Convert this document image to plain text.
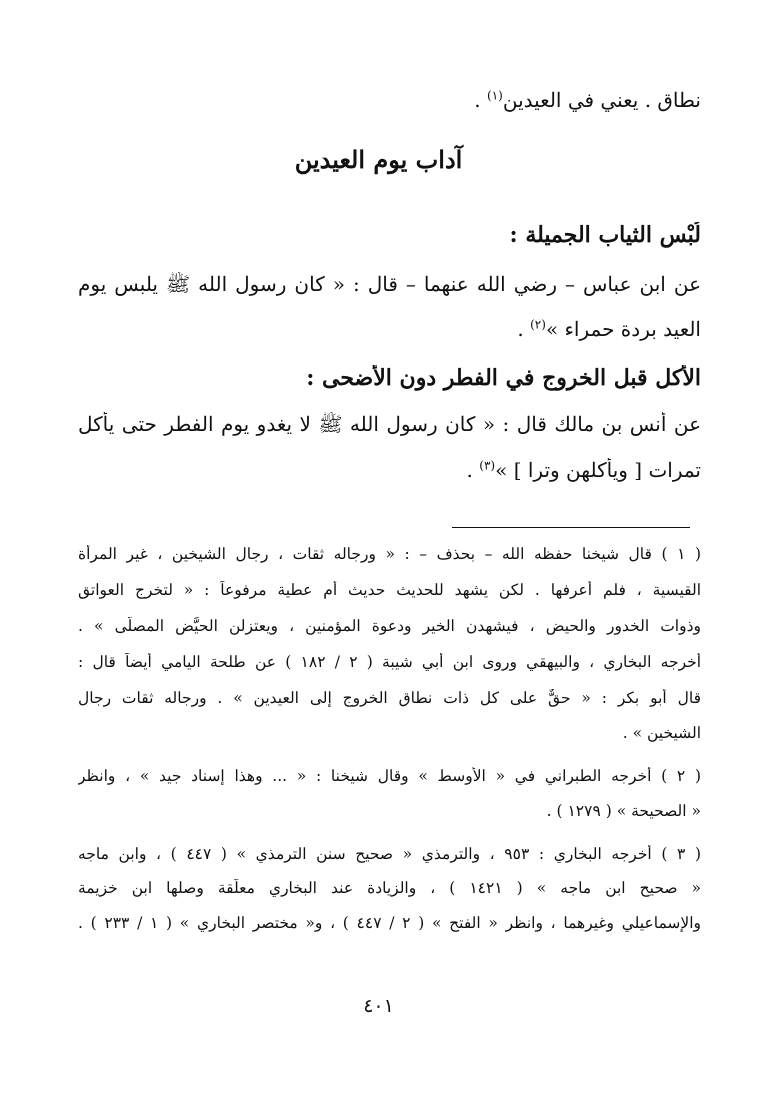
نطاق . يعني في العيدين$^{(١)}$ .
آداب يوم العيدين
لُبْس الثياب الجميلة :
عن ابن عباس – رضي الله عنهما – قال : « كان رسول الله ﷺ يلبس يوم
العيد بردة حمراء »$^{(٢)}$ .
الأكل قبل الخروج في الفطر دون الأضحى :
عن أنس بن مالك قال : « كان رسول الله ﷺ لا يغدو يوم الفطر حتى يأكل
تمرات [ ويأكلهن وترا ] »$^{(٣)}$ .
( ١ ) قال شيخنا حفظه الله – بحذف – : « ورجاله ثقات ، رجال الشيخين ، غير المرأة
القيسية ، فلم أعرفها . لكن يشهد للحديث حديث أم عطية مرفوعاً : « لتخرج العواتق
وذوات الخدور والحيض ، فيشهدن الخير ودعوة المؤمنين ، ويعتزلن الحيَّض المصلّى » .
أخرجه البخاري ، والبيهقي وروى ابن أبي شيبة ( ٢ / ١٨٢ ) عن طلحة اليامي أيضاً قال :
قال أبو بكر : « حقٌّ على كل ذات نطاق الخروج إلى العيدين » . ورجاله ثقات رجال
الشيخين » .
( ٢ ) أخرجه الطبراني في « الأوسط » وقال شيخنا : « ... وهذا إسناد جيد » ، وانظر
« الصحيحة » ( ١٢٧٩ ) .
( ٣ ) أخرجه البخاري : ٩٥٣ ، والترمذي « صحيح سنن الترمذي » ( ٤٤٧ ) ، وابن ماجه
« صحيح ابن ماجه » ( ١٤٢١ ) ، والزيادة عند البخاري معلّقة وصلها ابن خزيمة
والإسماعيلي وغيرهما ، وانظر « الفتح » ( ٢ / ٤٤٧ ) ، و« مختصر البخاري » ( ١ / ٢٣٣ ) .
٤٠١
